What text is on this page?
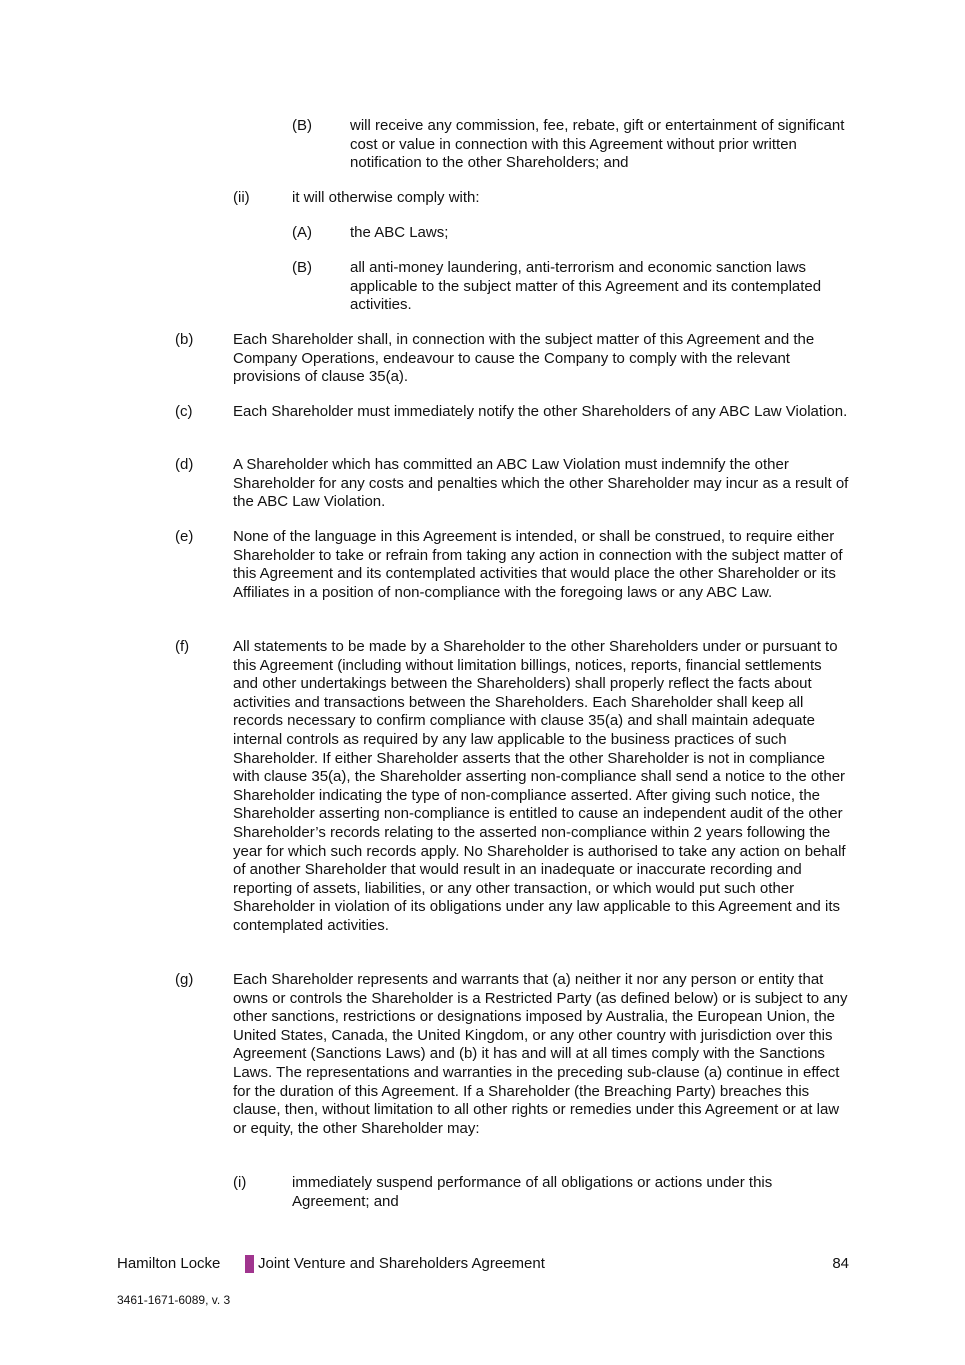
(B)	will receive any commission, fee, rebate, gift or entertainment of significant cost or value in connection with this Agreement without prior written notification to the other Shareholders; and
(ii)	it will otherwise comply with:
(A)	the ABC Laws;
(B)	all anti-money laundering, anti-terrorism and economic sanction laws applicable to the subject matter of this Agreement and its contemplated activities.
(b)	Each Shareholder shall, in connection with the subject matter of this Agreement and the Company Operations, endeavour to cause the Company to comply with the relevant provisions of clause 35(a).
(c)	Each Shareholder must immediately notify the other Shareholders of any ABC Law Violation.
(d)	A Shareholder which has committed an ABC Law Violation must indemnify the other Shareholder for any costs and penalties which the other Shareholder may incur as a result of the ABC Law Violation.
(e)	None of the language in this Agreement is intended, or shall be construed, to require either Shareholder to take or refrain from taking any action in connection with the subject matter of this Agreement and its contemplated activities that would place the other Shareholder or its Affiliates in a position of non-compliance with the foregoing laws or any ABC Law.
(f)	All statements to be made by a Shareholder to the other Shareholders under or pursuant to this Agreement (including without limitation billings, notices, reports, financial settlements and other undertakings between the Shareholders) shall properly reflect the facts about activities and transactions between the Shareholders. Each Shareholder shall keep all records necessary to confirm compliance with clause 35(a) and shall maintain adequate internal controls as required by any law applicable to the business practices of such Shareholder. If either Shareholder asserts that the other Shareholder is not in compliance with clause 35(a), the Shareholder asserting non-compliance shall send a notice to the other Shareholder indicating the type of non-compliance asserted. After giving such notice, the Shareholder asserting non-compliance is entitled to cause an independent audit of the other Shareholder’s records relating to the asserted non-compliance within 2 years following the year for which such records apply. No Shareholder is authorised to take any action on behalf of another Shareholder that would result in an inadequate or inaccurate recording and reporting of assets, liabilities, or any other transaction, or which would put such other Shareholder in violation of its obligations under any law applicable to this Agreement and its contemplated activities.
(g)	Each Shareholder represents and warrants that (a) neither it nor any person or entity that owns or controls the Shareholder is a Restricted Party (as defined below) or is subject to any other sanctions, restrictions or designations imposed by Australia, the European Union, the United States, Canada, the United Kingdom, or any other country with jurisdiction over this Agreement (Sanctions Laws) and (b) it has and will at all times comply with the Sanctions Laws. The representations and warranties in the preceding sub-clause (a) continue in effect for the duration of this Agreement. If a Shareholder (the Breaching Party) breaches this clause, then, without limitation to all other rights or remedies under this Agreement or at law or equity, the other Shareholder may:
(i)	immediately suspend performance of all obligations or actions under this Agreement; and
Hamilton Locke	Joint Venture and Shareholders Agreement	84
3461-1671-6089, v. 3
